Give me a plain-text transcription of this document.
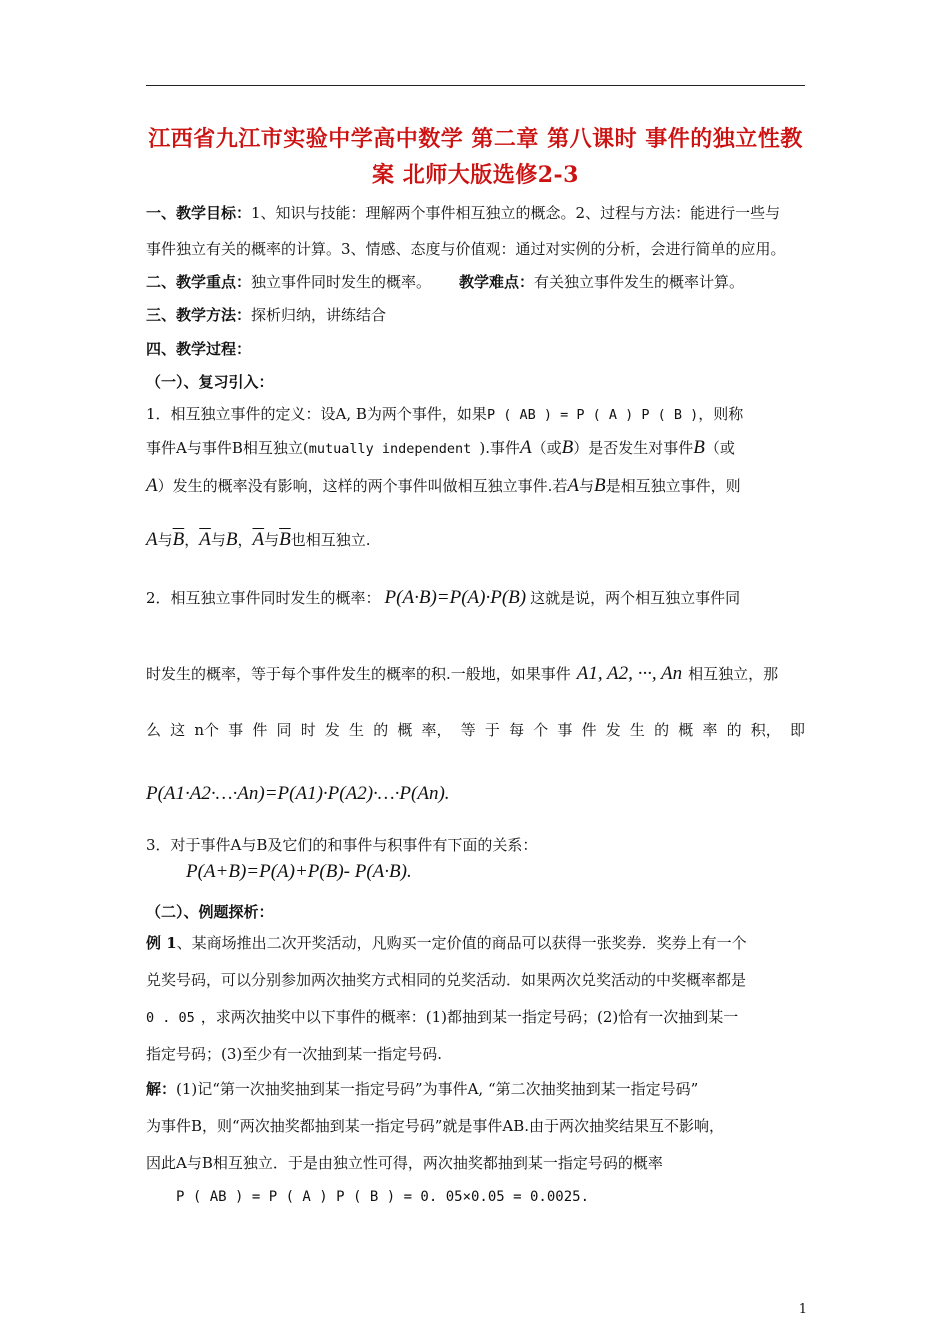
江西省九江市实验中学高中数学 第二章 第八课时 事件的独立性教
案 北师大版选修2-3
一、教学目标：1、知识与技能：理解两个事件相互独立的概念。2、过程与方法：能进行一些与
事件独立有关的概率的计算。3、情感、态度与价值观：通过对实例的分析，会进行简单的应用。
二、教学重点：独立事件同时发生的概率。 教学难点：有关独立事件发生的概率计算。
三、教学方法：探析归纳，讲练结合
四、教学过程：
（一）、复习引入：
1．相互独立事件的定义：设A, B为两个事件，如果P ( AB ) = P ( A ) P ( B )，则称
事件A与事件B相互独立(mutually independent ).事件A（或B）是否发生对事件B（或
A）发生的概率没有影响，这样的两个事件叫做相互独立事件.若A与B是相互独立事件，则
A与$\overline{B}$，$\overline{A}$与B，$\overline{A}$与$\overline{B}$也相互独立.
2．相互独立事件同时发生的概率： P(A·B)=P(A)·P(B) 这就是说，两个相互独立事件同
时发生的概率，等于每个事件发生的概率的积.一般地，如果事件 A1, A2, ···, An 相互独立，那
么 这 n个 事 件 同 时 发 生 的 概 率， 等 于 每 个 事 件 发 生 的 概 率 的 积， 即
P(A1·A2·…·An)=P(A1)·P(A2)·…·P(An).
3．对于事件A与B及它们的和事件与积事件有下面的关系：
P(A+B)=P(A)+P(B)- P(A·B).
（二）、例题探析：
例 1、某商场推出二次开奖活动，凡购买一定价值的商品可以获得一张奖券．奖券上有一个
兑奖号码，可以分别参加两次抽奖方式相同的兑奖活动．如果两次兑奖活动的中奖概率都是
0 . 05 ，求两次抽奖中以下事件的概率：(1)都抽到某一指定号码；(2)恰有一次抽到某一
指定号码；(3)至少有一次抽到某一指定号码.
解：(1)记“第一次抽奖抽到某一指定号码”为事件A, “第二次抽奖抽到某一指定号码”
为事件B，则“两次抽奖都抽到某一指定号码”就是事件AB.由于两次抽奖结果互不影响，
因此A与B相互独立．于是由独立性可得，两次抽奖都抽到某一指定号码的概率
P ( AB ) = P ( A ) P ( B ) = 0. 05×0.05 = 0.0025.
1
